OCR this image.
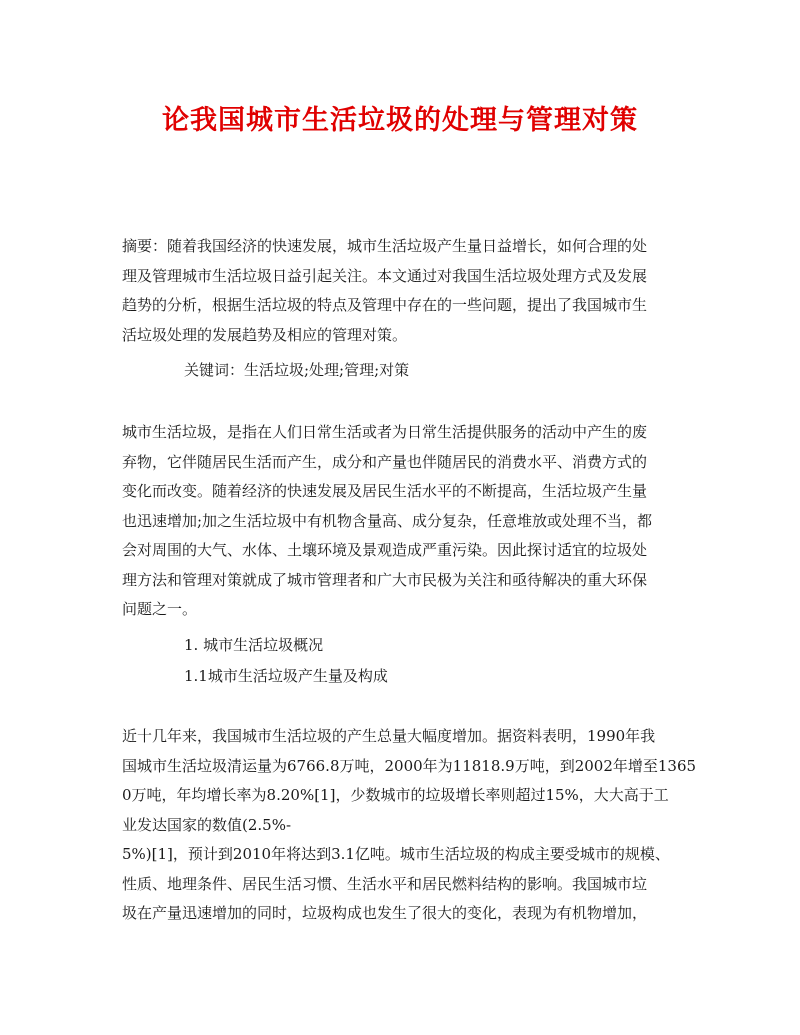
论我国城市生活垃圾的处理与管理对策
摘要：随着我国经济的快速发展，城市生活垃圾产生量日益增长，如何合理的处
理及管理城市生活垃圾日益引起关注。本文通过对我国生活垃圾处理方式及发展
趋势的分析，根据生活垃圾的特点及管理中存在的一些问题，提出了我国城市生
活垃圾处理的发展趋势及相应的管理对策。
关键词：生活垃圾;处理;管理;对策
城市生活垃圾，是指在人们日常生活或者为日常生活提供服务的活动中产生的废
弃物，它伴随居民生活而产生，成分和产量也伴随居民的消费水平、消费方式的
变化而改变。随着经济的快速发展及居民生活水平的不断提高，生活垃圾产生量
也迅速增加;加之生活垃圾中有机物含量高、成分复杂，任意堆放或处理不当，都
会对周围的大气、水体、土壤环境及景观造成严重污染。因此探讨适宜的垃圾处
理方法和管理对策就成了城市管理者和广大市民极为关注和亟待解决的重大环保
问题之一。
1. 城市生活垃圾概况
1.1城市生活垃圾产生量及构成
近十几年来，我国城市生活垃圾的产生总量大幅度增加。据资料表明，1990年我
国城市生活垃圾清运量为6766.8万吨，2000年为11818.9万吨，到2002年增至1365
0万吨，年均增长率为8.20%[1]，少数城市的垃圾增长率则超过15%，大大高于工
业发达国家的数值(2.5%-
5%)[1]，预计到2010年将达到3.1亿吨。城市生活垃圾的构成主要受城市的规模、
性质、地理条件、居民生活习惯、生活水平和居民燃料结构的影响。我国城市垃
圾在产量迅速增加的同时，垃圾构成也发生了很大的变化，表现为有机物增加，
